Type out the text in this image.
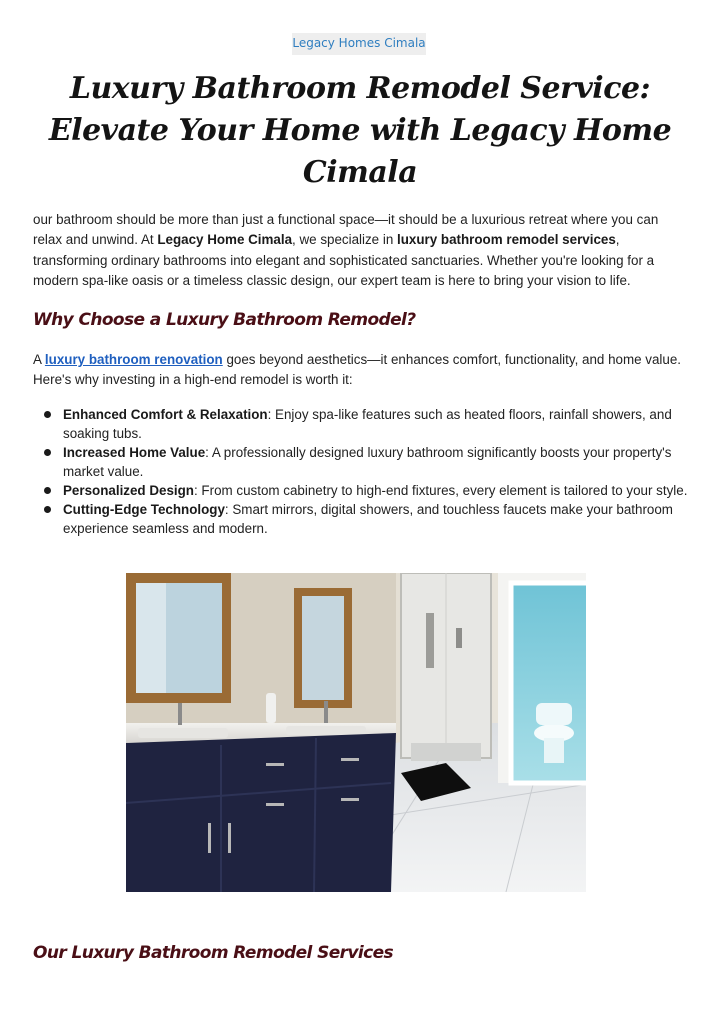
Legacy Homes Cimala
Luxury Bathroom Remodel Service: Elevate Your Home with Legacy Home Cimala

our bathroom should be more than just a functional space—it should be a luxurious retreat where you can relax and unwind. At Legacy Home Cimala, we specialize in luxury bathroom remodel services, transforming ordinary bathrooms into elegant and sophisticated sanctuaries. Whether you're looking for a modern spa-like oasis or a timeless classic design, our expert team is here to bring your vision to life.

Why Choose a Luxury Bathroom Remodel?

A luxury bathroom renovation goes beyond aesthetics—it enhances comfort, functionality, and home value. Here's why investing in a high-end remodel is worth it:

Enhanced Comfort & Relaxation: Enjoy spa-like features such as heated floors, rainfall showers, and soaking tubs.
Increased Home Value: A professionally designed luxury bathroom significantly boosts your property's market value.
Personalized Design: From custom cabinetry to high-end fixtures, every element is tailored to your style.
Cutting-Edge Technology: Smart mirrors, digital showers, and touchless faucets make your bathroom experience seamless and modern.
Our Luxury Bathroom Remodel Services
